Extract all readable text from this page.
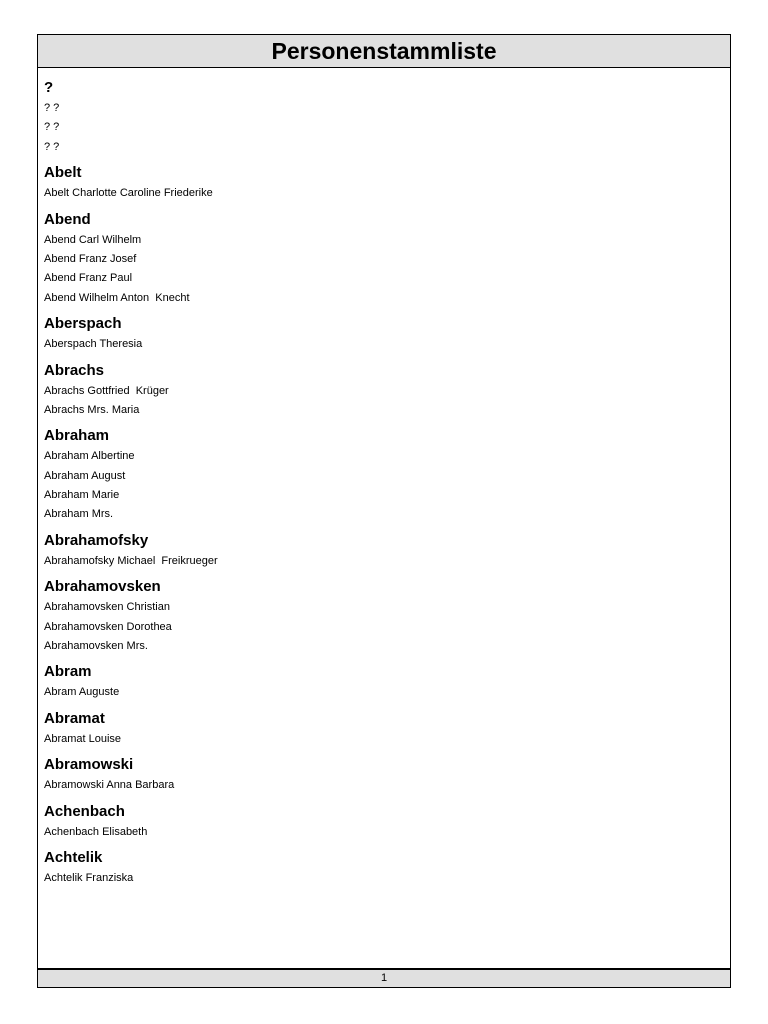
Personenstammliste
?
? ?
? ?
? ?
Abelt
Abelt Charlotte Caroline Friederike
Abend
Abend Carl Wilhelm
Abend Franz Josef
Abend Franz Paul
Abend Wilhelm Anton  Knecht
Aberspach
Aberspach Theresia
Abrachs
Abrachs Gottfried  Krüger
Abrachs Mrs. Maria
Abraham
Abraham Albertine
Abraham August
Abraham Marie
Abraham Mrs.
Abrahamofsky
Abrahamofsky Michael  Freikrueger
Abrahamovsken
Abrahamovsken Christian
Abrahamovsken Dorothea
Abrahamovsken Mrs.
Abram
Abram Auguste
Abramat
Abramat Louise
Abramowski
Abramowski Anna Barbara
Achenbach
Achenbach Elisabeth
Achtelik
Achtelik Franziska
1
